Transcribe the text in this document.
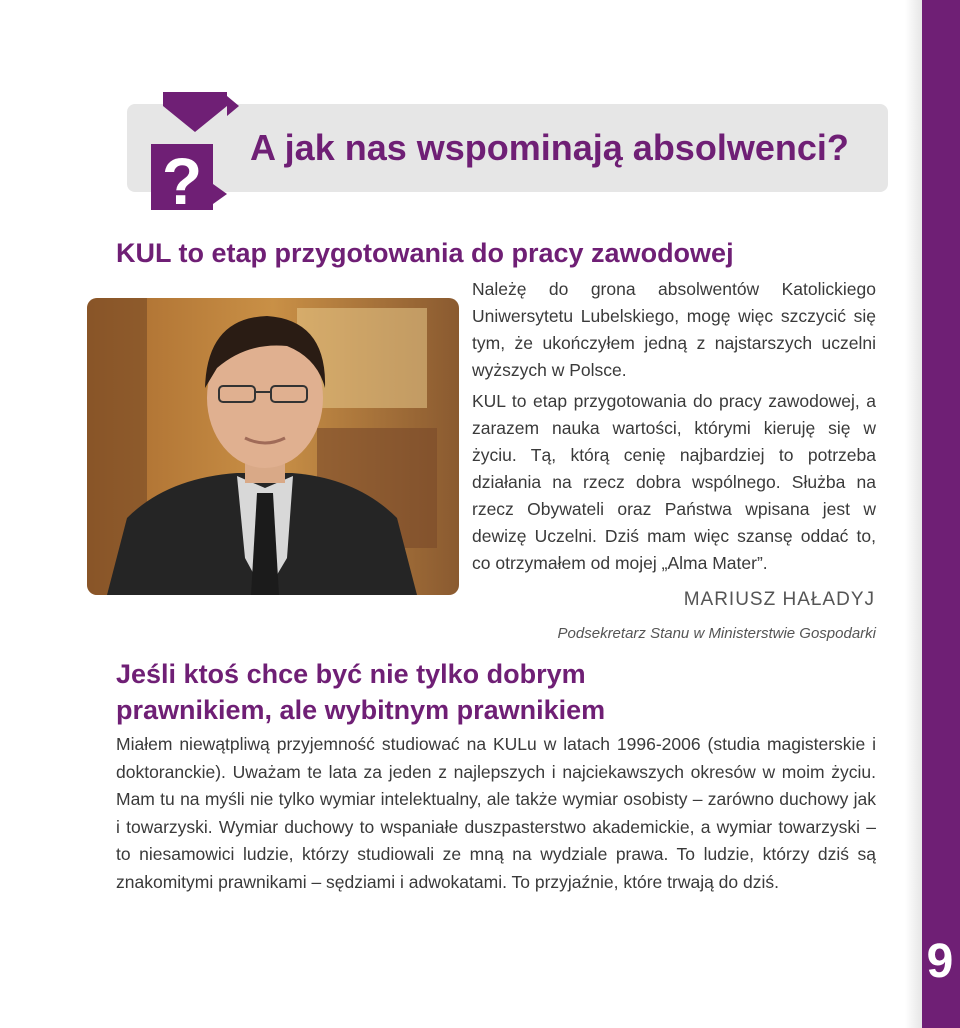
9
? A jak nas wspominają absolwenci?
KUL to etap przygotowania do pracy zawodowej

Należę do grona absolwentów Katolickiego Uniwersytetu Lubelskiego, mogę więc szczycić się tym, że ukończyłem jedną z najstarszych uczelni wyższych w Polsce.

KUL to etap przygotowania do pracy zawodowej, a zarazem nauka wartości, którymi kieruję się w życiu. Tą, którą cenię najbardziej to potrzeba działania na rzecz dobra wspólnego. Służba na rzecz Obywateli oraz Państwa wpisana jest w dewizę Uczelni. Dziś mam więc szansę oddać to, co otrzymałem od mojej „Alma Mater”.

MARIUSZ HAŁADYJ
Podsekretarz Stanu w Ministerstwie Gospodarki
Jeśli ktoś chce być nie tylko dobrym prawnikiem, ale wybitnym prawnikiem

Miałem niewątpliwą przyjemność studiować na KULu w latach 1996-2006 (studia magisterskie i doktoranckie). Uważam te lata za jeden z najlepszych i najciekawszych okresów w moim życiu. Mam tu na myśli nie tylko wymiar intelektualny, ale także wymiar osobisty – zarówno duchowy jak i towarzyski. Wymiar duchowy to wspaniałe duszpasterstwo akademickie, a wymiar towarzyski – to niesamowici ludzie, którzy studiowali ze mną na wydziale prawa. To ludzie, którzy dziś są znakomitymi prawnikami – sędziami i adwokatami. To przyjaźnie, które trwają do dziś.
